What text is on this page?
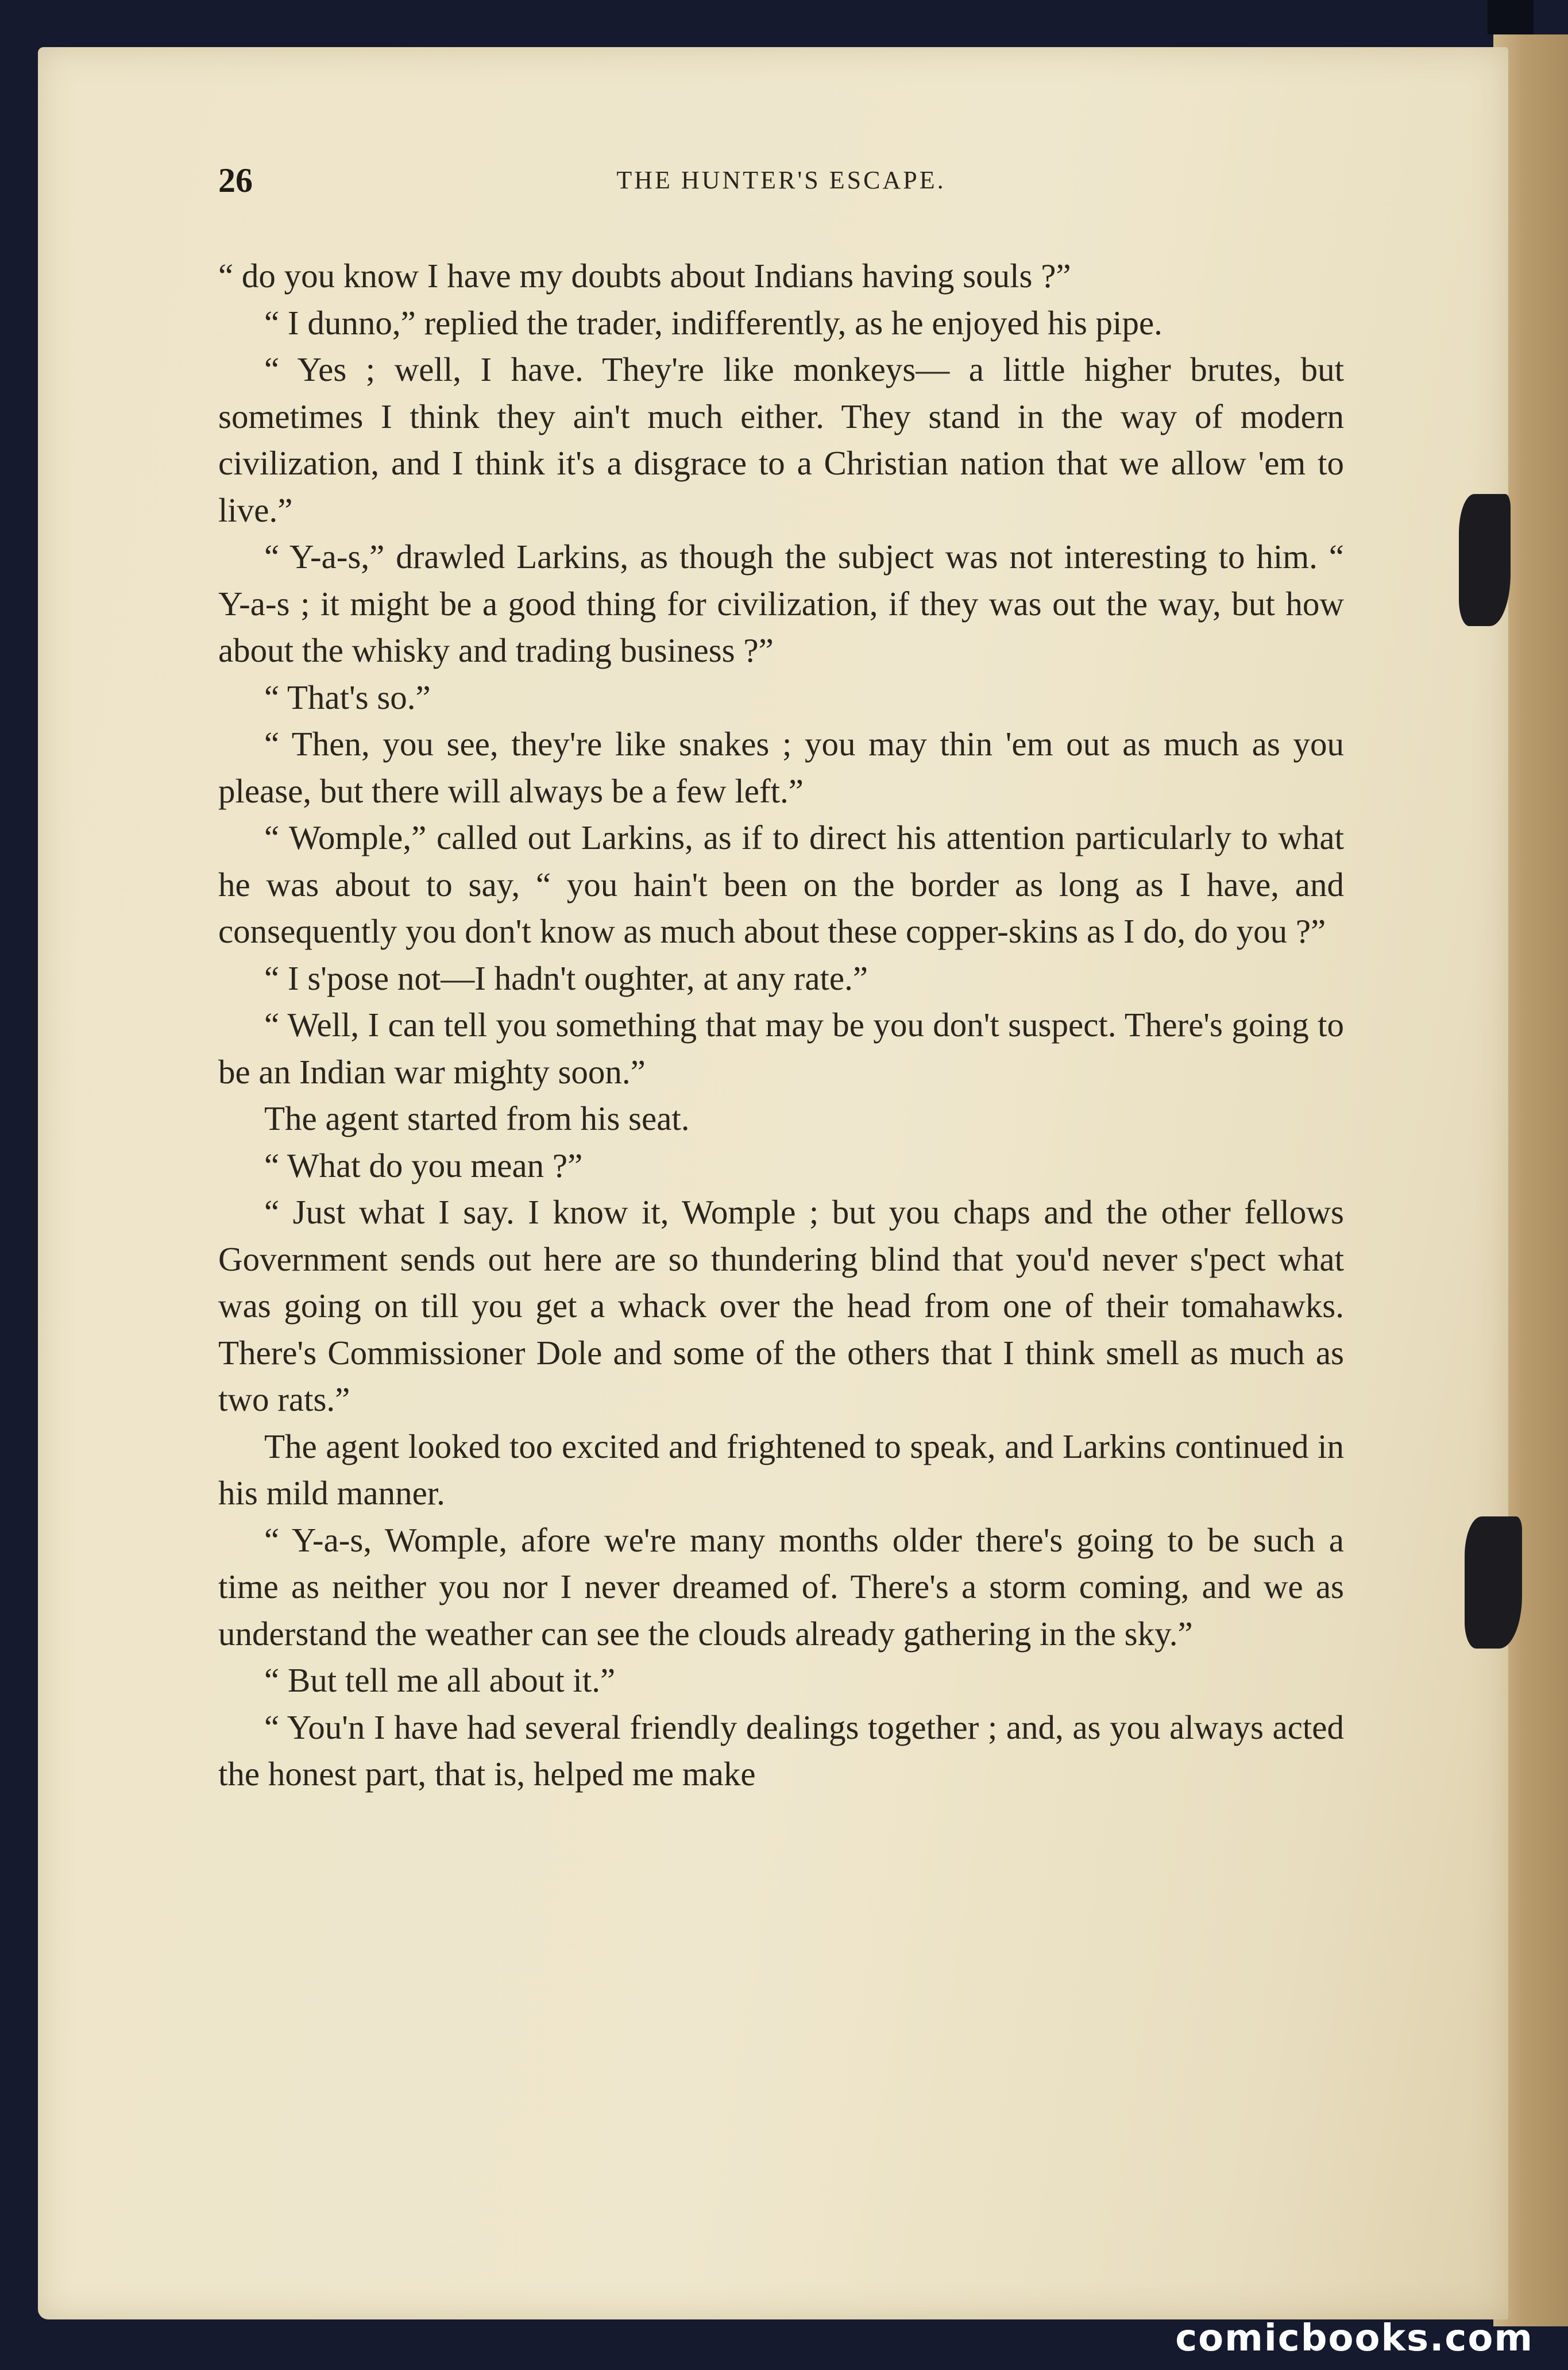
26	THE HUNTER'S ESCAPE.

“ do you know I have my doubts about Indians having souls ?”

“ I dunno,” replied the trader, indifferently, as he enjoyed his pipe.

“ Yes ; well, I have. They're like monkeys— a little higher brutes, but sometimes I think they ain't much either. They stand in the way of modern civilization, and I think it's a disgrace to a Christian nation that we allow 'em to live.”

“ Y-a-s,” drawled Larkins, as though the subject was not interesting to him. “ Y-a-s ; it might be a good thing for civilization, if they was out the way, but how about the whisky and trading business ?”

“ That's so.”

“ Then, you see, they're like snakes ; you may thin 'em out as much as you please, but there will always be a few left.”

“ Womple,” called out Larkins, as if to direct his attention particularly to what he was about to say, “ you hain't been on the border as long as I have, and consequently you don't know as much about these copper-skins as I do, do you ?”

“ I s'pose not—I hadn't oughter, at any rate.”

“ Well, I can tell you something that may be you don't suspect. There's going to be an Indian war mighty soon.”

The agent started from his seat.

“ What do you mean ?”

“ Just what I say. I know it, Womple ; but you chaps and the other fellows Government sends out here are so thundering blind that you'd never s'pect what was going on till you get a whack over the head from one of their tomahawks. There's Commissioner Dole and some of the others that I think smell as much as two rats.”

The agent looked too excited and frightened to speak, and Larkins continued in his mild manner.

“ Y-a-s, Womple, afore we're many months older there's going to be such a time as neither you nor I never dreamed of. There's a storm coming, and we as understand the weather can see the clouds already gathering in the sky.”

“ But tell me all about it.”

“ You'n I have had several friendly dealings together ; and, as you always acted the honest part, that is, helped me make

comicbooks.com
